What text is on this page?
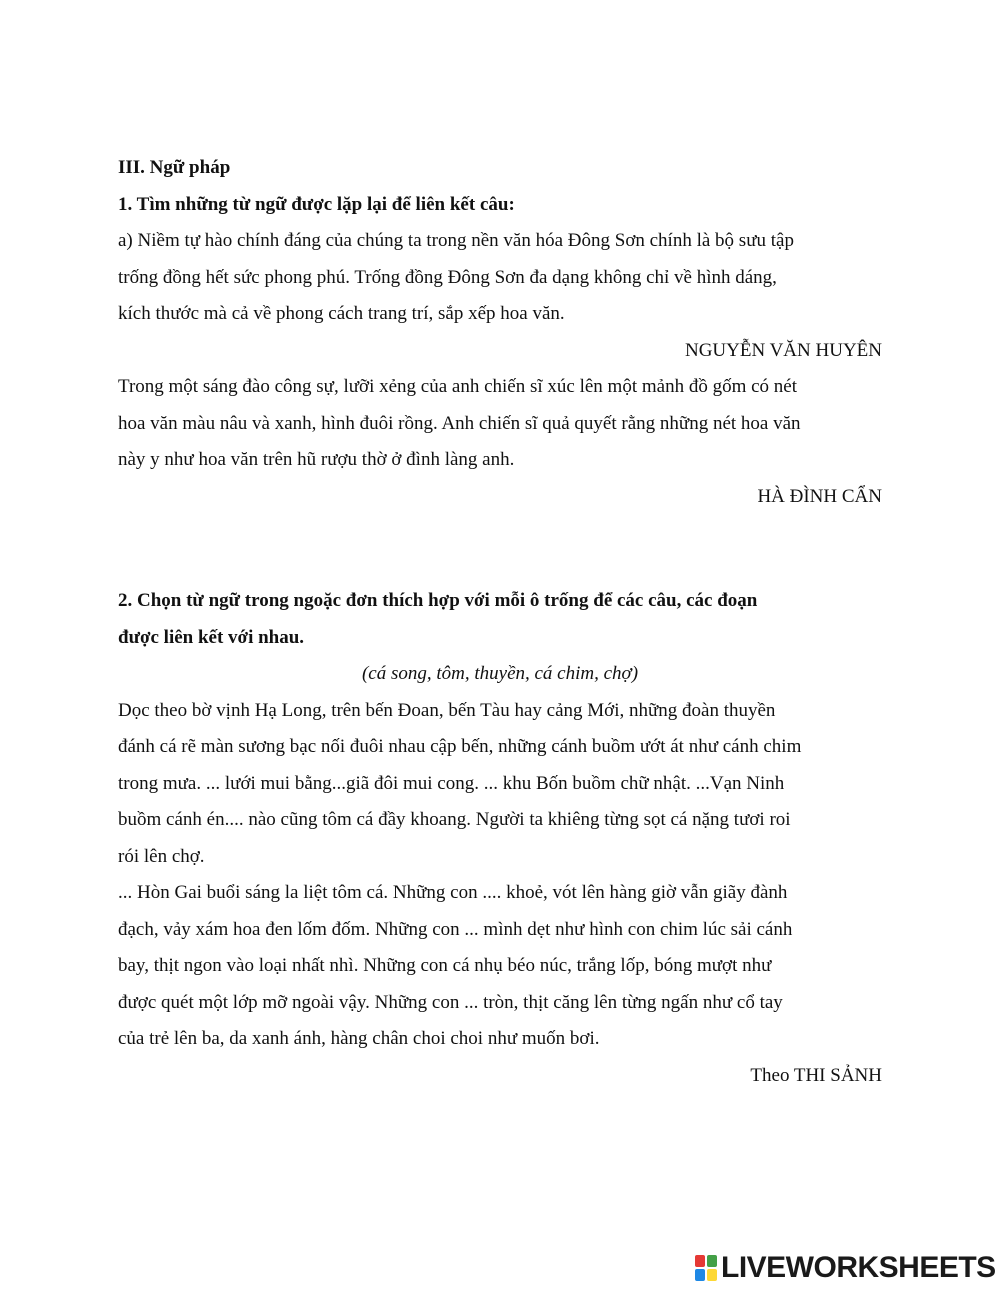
III. Ngữ pháp
1. Tìm những từ ngữ được lặp lại để liên kết câu:
a) Niềm tự hào chính đáng của chúng ta trong nền văn hóa Đông Sơn chính là bộ sưu tập
trống đồng hết sức phong phú. Trống đồng Đông Sơn đa dạng không chỉ về hình dáng,
kích thước mà cả về phong cách trang trí, sắp xếp hoa văn.
NGUYỄN VĂN HUYÊN
Trong một sáng đào công sự, lưỡi xẻng của anh chiến sĩ xúc lên một mảnh đồ gốm có nét
hoa văn màu nâu và xanh, hình đuôi rồng. Anh chiến sĩ quả quyết rằng những nét hoa văn
này y như hoa văn trên hũ rượu thờ ở đình làng anh.
HÀ ĐÌNH CẨN
2. Chọn từ ngữ trong ngoặc đơn thích hợp với mỗi ô trống để các câu, các đoạn
được liên kết với nhau.
(cá song, tôm, thuyền, cá chim, chợ)
Dọc theo bờ vịnh Hạ Long, trên bến Đoan, bến Tàu hay cảng Mới, những đoàn thuyền
đánh cá rẽ màn sương bạc nối đuôi nhau cập bến, những cánh buồm ướt át như cánh chim
trong mưa. ... lưới mui bằng...giã đôi mui cong. ... khu Bốn buồm chữ nhật. ...Vạn Ninh
buồm cánh én.... nào cũng tôm cá đầy khoang. Người ta khiêng từng sọt cá nặng tươi roi
rói lên chợ.
... Hòn Gai buổi sáng la liệt tôm cá. Những con .... khoẻ, vót lên hàng giờ vẫn giãy đành
đạch, vảy xám hoa đen lốm đốm. Những con ... mình dẹt như hình con chim lúc sải cánh
bay, thịt ngon vào loại nhất nhì. Những con cá nhụ béo núc, trắng lốp, bóng mượt như
được quét một lớp mỡ ngoài vậy. Những con ... tròn, thịt căng lên từng ngấn như cổ tay
của trẻ lên ba, da xanh ánh, hàng chân choi choi như muốn bơi.
Theo THI SẢNH
LIVEWORKSHEETS
